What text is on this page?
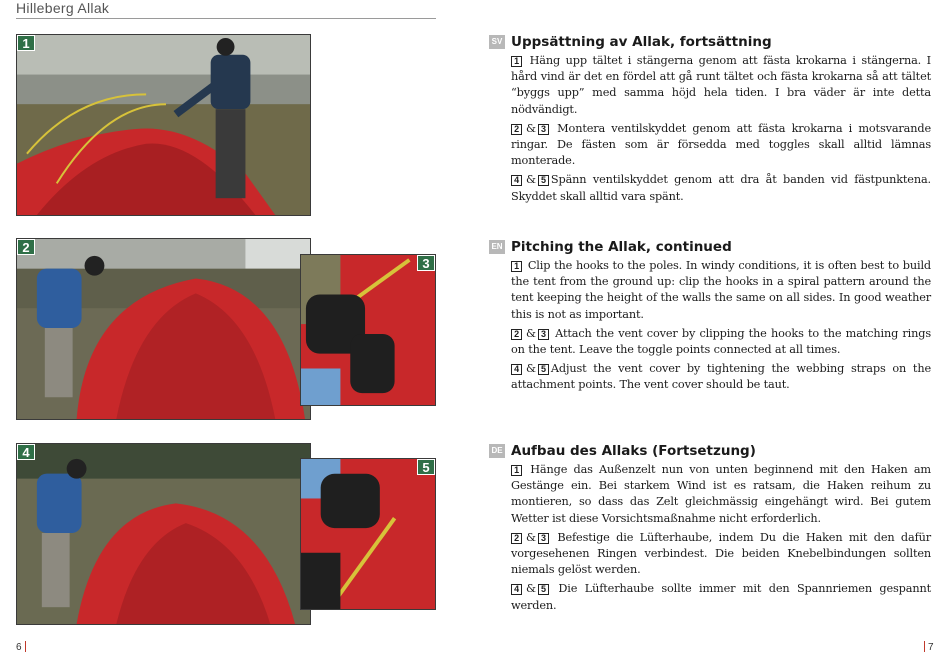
Hilleberg Allak
1
2
3
4
5
SV Uppsättning av Allak, fortsättning
1 Häng upp tältet i stängerna genom att fästa krokarna i stängerna. I hård vind är det en fördel att gå runt tältet och fästa krokarna så att tältet “byggs upp” med samma höjd hela tiden. I bra väder är inte detta nödvändigt.
2 & 3 Montera ventilskyddet genom att fästa krokarna i motsvarande ringar. De fästen som är försedda med toggles skall alltid lämnas monterade.
4 & 5 Spänn ventilskyddet genom att dra åt banden vid fästpunktena. Skyddet skall alltid vara spänt.
EN Pitching the Allak, continued
1 Clip the hooks to the poles. In windy conditions, it is often best to build the tent from the ground up: clip the hooks in a spiral pattern around the tent keeping the height of the walls the same on all sides. In good weather this is not as important.
2 & 3 Attach the vent cover by clipping the hooks to the matching rings on the tent. Leave the toggle points connected at all times.
4 & 5 Adjust the vent cover by tightening the webbing straps on the attachment points. The vent cover should be taut.
DE Aufbau des Allaks (Fortsetzung)
1 Hänge das Außenzelt nun von unten beginnend mit den Haken am Gestänge ein. Bei starkem Wind ist es ratsam, die Haken reihum zu montieren, so dass das Zelt gleichmässig eingehängt wird. Bei gutem Wetter ist diese Vorsichtsmaßnahme nicht erforderlich.
2 & 3 Befestige die Lüfterhaube, indem Du die Haken mit den dafür vorgesehenen Ringen verbindest. Die beiden Knebelbindungen sollten niemals gelöst werden.
4 & 5 Die Lüfterhaube sollte immer mit den Spannriemen gespannt werden.
6	7
